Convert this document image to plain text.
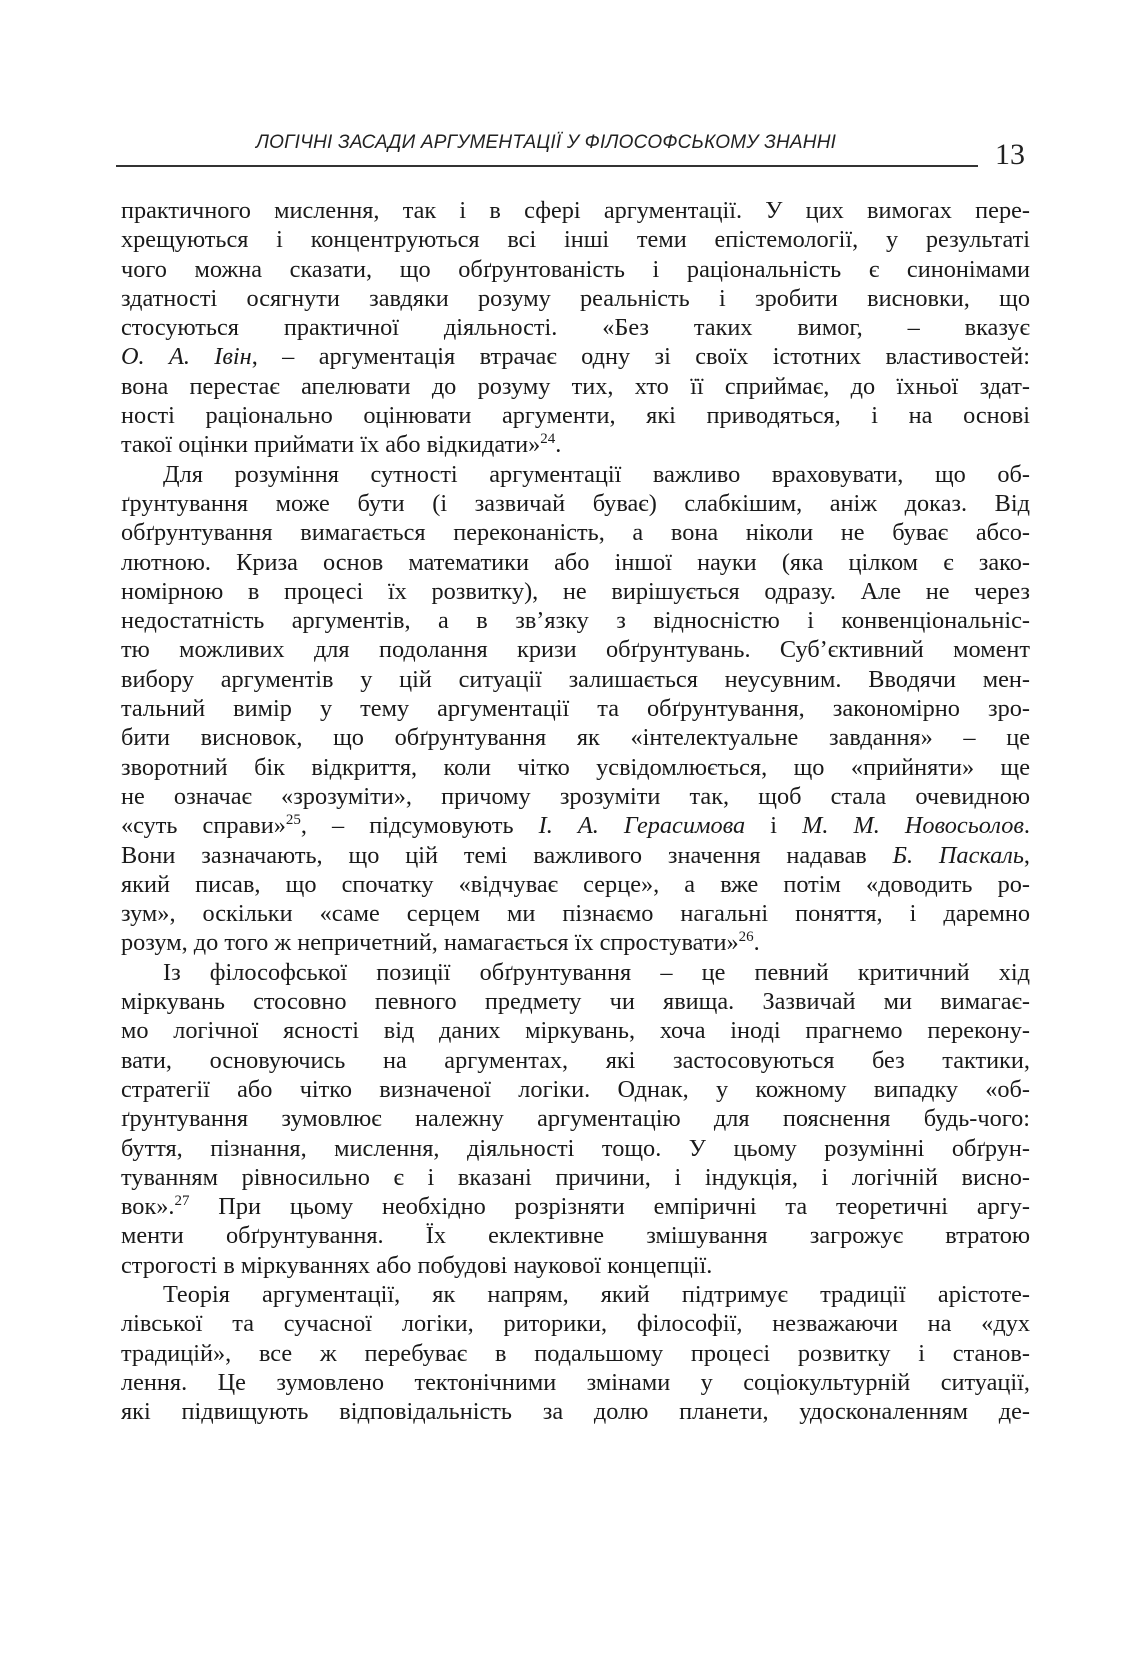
ЛОГІЧНІ ЗАСАДИ АРГУМЕНТАЦІЇ У ФІЛОСОФСЬКОМУ ЗНАННІ	13
практичного мислення, так і в сфері аргументації. У цих вимогах пере-
хрещуються і концентруються всі інші теми епістемології, у результаті
чого можна сказати, що обґрунтованість і раціональність є синонімами
здатності осягнути завдяки розуму реальність і зробити висновки, що
стосуються практичної діяльності. «Без таких вимог, – вказує
О. А. Івін, – аргументація втрачає одну зі своїх істотних властивостей:
вона перестає апелювати до розуму тих, хто її сприймає, до їхньої здат-
ності раціонально оцінювати аргументи, які приводяться, і на основі
такої оцінки приймати їх або відкидати»$^{24}$.
Для розуміння сутності аргументації важливо враховувати, що об-
ґрунтування може бути (і зазвичай буває) слабкішим, аніж доказ. Від
обґрунтування вимагається переконаність, а вона ніколи не буває абсо-
лютною. Криза основ математики або іншої науки (яка цілком є зако-
номірною в процесі їх розвитку), не вирішується одразу. Але не через
недостатність аргументів, а в зв’язку з відносністю і конвенціональніс-
тю можливих для подолання кризи обґрунтувань. Суб’єктивний момент
вибору аргументів у цій ситуації залишається неусувним. Вводячи мен-
тальний вимір у тему аргументації та обґрунтування, закономірно зро-
бити висновок, що обґрунтування як «інтелектуальне завдання» – це
зворотний бік відкриття, коли чітко усвідомлюється, що «прийняти» ще
не означає «зрозуміти», причому зрозуміти так, щоб стала очевидною
«суть справи»$^{25}$, – підсумовують І. А. Герасимова і М. М. Новосьолов.
Вони зазначають, що цій темі важливого значення надавав Б. Паскаль,
який писав, що спочатку «відчуває серце», а вже потім «доводить ро-
зум», оскільки «саме серцем ми пізнаємо нагальні поняття, і даремно
розум, до того ж непричетний, намагається їх спростувати»$^{26}$.
Із філософської позиції обґрунтування – це певний критичний хід
міркувань стосовно певного предмету чи явища. Зазвичай ми вимагає-
мо логічної ясності від даних міркувань, хоча іноді прагнемо перекону-
вати, основуючись на аргументах, які застосовуються без тактики,
стратегії або чітко визначеної логіки. Однак, у кожному випадку «об-
ґрунтування зумовлює належну аргументацію для пояснення будь-чого:
буття, пізнання, мислення, діяльності тощо. У цьому розумінні обґрун-
туванням рівносильно є і вказані причини, і індукція, і логічній висно-
вок».$^{27}$ При цьому необхідно розрізняти емпіричні та теоретичні аргу-
менти обґрунтування. Їх еклективне змішування загрожує втратою
строгості в міркуваннях або побудові наукової концепції.
Теорія аргументації, як напрям, який підтримує традиції арістоте-
лівської та сучасної логіки, риторики, філософії, незважаючи на «дух
традицій», все ж перебуває в подальшому процесі розвитку і станов-
лення. Це зумовлено тектонічними змінами у соціокультурній ситуації,
які підвищують відповідальність за долю планети, удосконаленням де-
